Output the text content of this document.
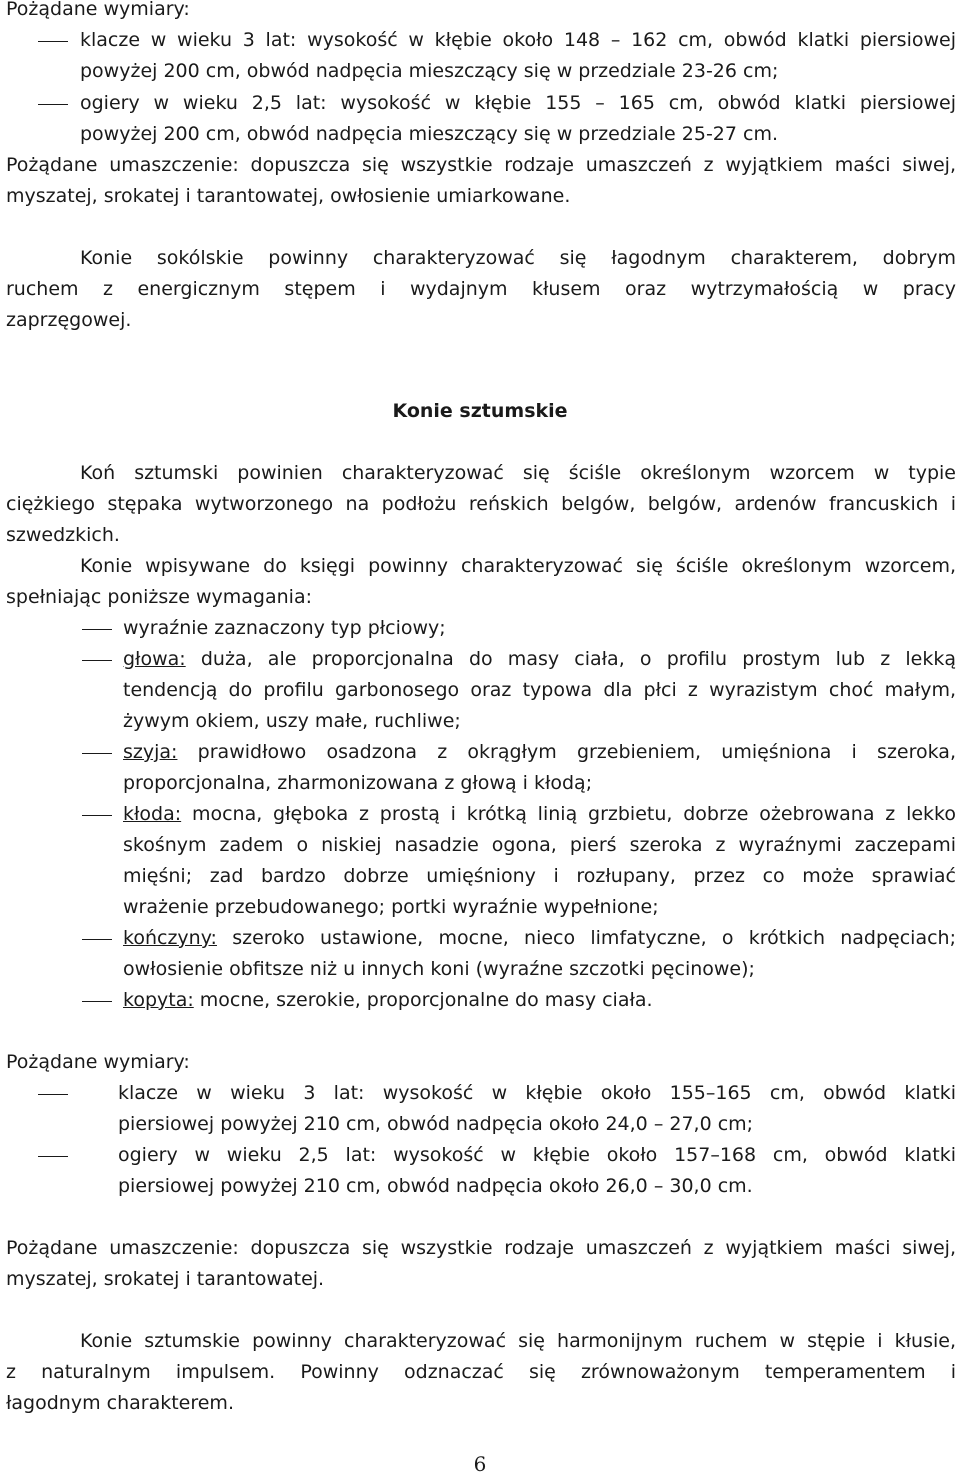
Pożądane wymiary:
klacze w wieku 3 lat: wysokość w kłębie około 148 – 162 cm, obwód klatki piersiowej
powyżej 200 cm, obwód nadpęcia mieszczący się w przedziale 23-26 cm;
ogiery w wieku 2,5 lat: wysokość w kłębie 155 – 165 cm, obwód klatki piersiowej
powyżej 200 cm, obwód nadpęcia mieszczący się w przedziale 25-27 cm.
Pożądane umaszczenie: dopuszcza się wszystkie rodzaje umaszczeń z wyjątkiem maści siwej,
myszatej, srokatej i tarantowatej, owłosienie umiarkowane.
Konie sokólskie powinny charakteryzować się łagodnym charakterem, dobrym
ruchem z energicznym stępem i wydajnym kłusem oraz wytrzymałością w pracy
zaprzęgowej.
Konie sztumskie
Koń sztumski powinien charakteryzować się ściśle określonym wzorcem w typie
ciężkiego stępaka wytworzonego na podłożu reńskich belgów, belgów, ardenów francuskich i
szwedzkich.
Konie wpisywane do księgi powinny charakteryzować się ściśle określonym wzorcem,
spełniając poniższe wymagania:
wyraźnie zaznaczony typ płciowy;
głowa: duża, ale proporcjonalna do masy ciała, o profilu prostym lub z lekką
tendencją do profilu garbonosego oraz typowa dla płci z wyrazistym choć małym,
żywym okiem, uszy małe, ruchliwe;
szyja: prawidłowo osadzona z okrągłym grzebieniem, umięśniona i szeroka,
proporcjonalna, zharmonizowana z głową i kłodą;
kłoda: mocna, głęboka z prostą i krótką linią grzbietu, dobrze ożebrowana z lekko
skośnym zadem o niskiej nasadzie ogona, pierś szeroka z wyraźnymi zaczepami
mięśni; zad bardzo dobrze umięśniony i rozłupany, przez co może sprawiać
wrażenie przebudowanego; portki wyraźnie wypełnione;
kończyny: szeroko ustawione, mocne, nieco limfatyczne, o krótkich nadpęciach;
owłosienie obfitsze niż u innych koni (wyraźne szczotki pęcinowe);
kopyta: mocne, szerokie, proporcjonalne do masy ciała.
Pożądane wymiary:
klacze w wieku 3 lat: wysokość w kłębie około 155–165 cm, obwód klatki
piersiowej powyżej 210 cm, obwód nadpęcia około 24,0 – 27,0 cm;
ogiery w wieku 2,5 lat: wysokość w kłębie około 157–168 cm, obwód klatki
piersiowej powyżej 210 cm, obwód nadpęcia około 26,0 – 30,0 cm.
Pożądane umaszczenie: dopuszcza się wszystkie rodzaje umaszczeń z wyjątkiem maści siwej,
myszatej, srokatej i tarantowatej.
Konie sztumskie powinny charakteryzować się harmonijnym ruchem w stępie i kłusie,
z naturalnym impulsem. Powinny odznaczać się zrównoważonym temperamentem i
łagodnym charakterem.
6
